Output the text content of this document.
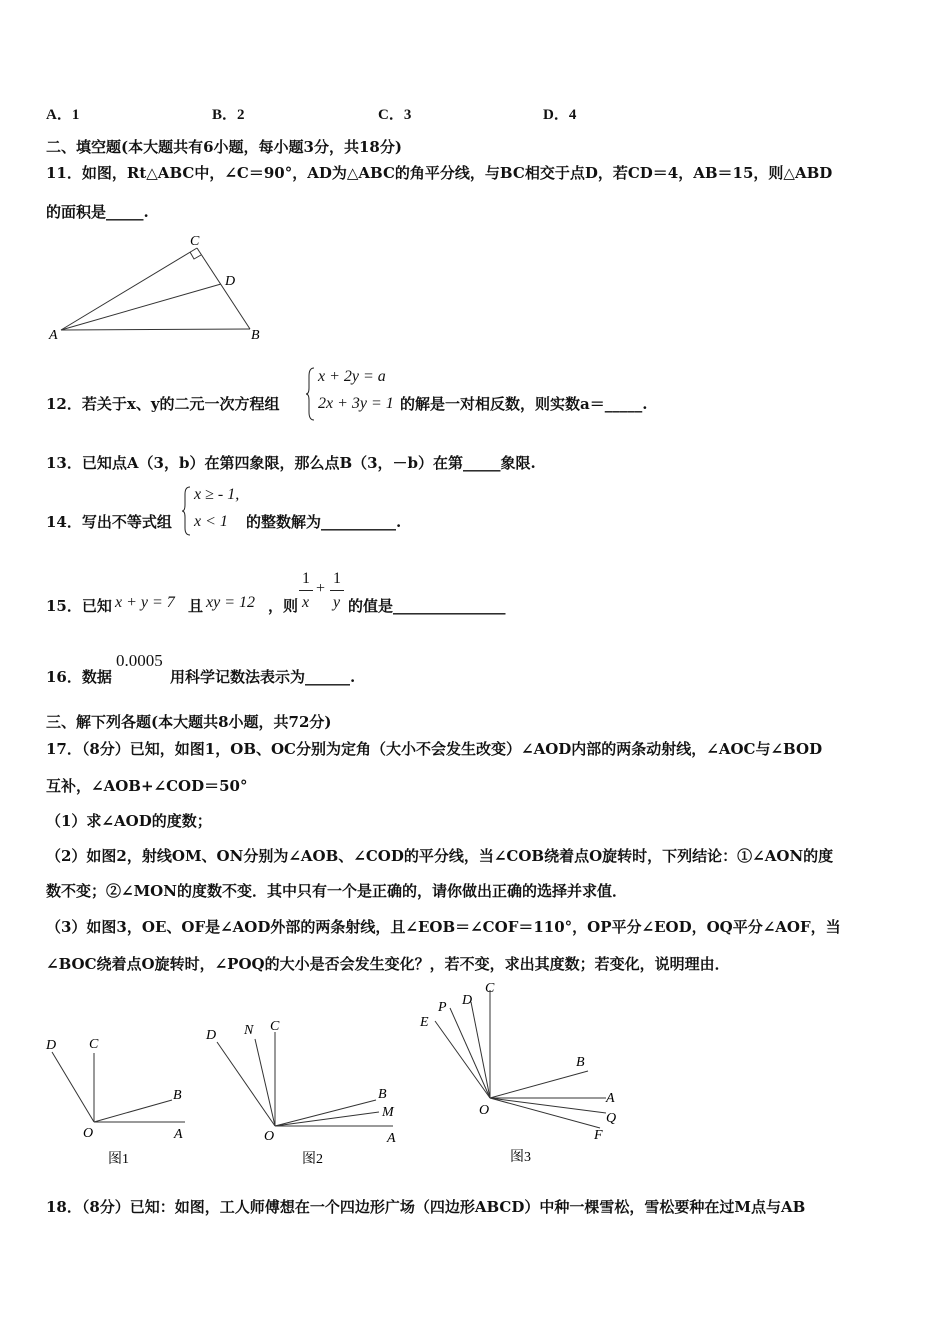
A．1	B．2	C．3	D．4
二、填空题(本大题共有6小题，每小题3分，共18分)
11．如图，Rt△ABC中，∠C＝90°，AD为△ABC的角平分线，与BC相交于点D，若CD＝4，AB＝15，则△ABD
的面积是_____.
C
D
A	B
12．若关于x、y的二元一次方程组
x + 2y = a
2x + 3y = 1 的解是一对相反数，则实数a＝_____.
13．已知点A（3，b）在第四象限，那么点B（3，－b）在第_____象限.
14．写出不等式组
x ≥ - 1,
x < 1 的整数解为__________.
15．已知 x + y = 7 且 xy = 12 ，则
1
x
+
1
y 的值是_______________
16．数据
0.0005
用科学记数法表示为______.
三、解下列各题(本大题共8小题，共72分)
17．（8分）已知，如图1，OB、OC分别为定角（大小不会发生改变）∠AOD内部的两条动射线，∠AOC与∠BOD
互补，∠AOB+∠COD＝50°
（1）求∠AOD的度数；
（2）如图2，射线OM、ON分别为∠AOB、∠COD的平分线，当∠COB绕着点O旋转时，下列结论：①∠AON的度
数不变；②∠MON的度数不变．其中只有一个是正确的，请你做出正确的选择并求值．
（3）如图3，OE、OF是∠AOD外部的两条射线，且∠EOB＝∠COF＝110°，OP平分∠EOD，OQ平分∠AOF，当
∠BOC绕着点O旋转时，∠POQ的大小是否会发生变化？，若不变，求出其度数；若变化，说明理由．
D C
B
O	A
图1
D N C
B
M
O	A
图2
E
P D
C
B
A
O
Q
F
图3
18．（8分）已知：如图，工人师傅想在一个四边形广场（四边形ABCD）中种一棵雪松，雪松要种在过M点与AB
